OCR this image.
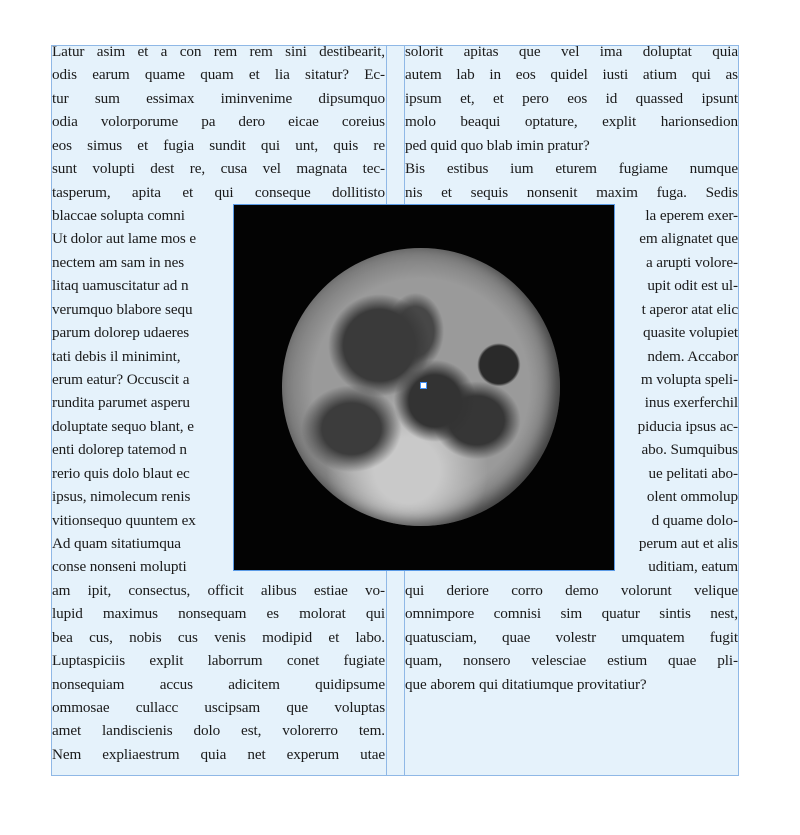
Latur asim et a con rem rem sini destibearit,
odis earum quame quam et lia sitatur? Ec-
tur sum essimax iminvenime dipsumquo
odia volorporume pa dero eicae coreius
eos simus et fugia sundit qui unt, quis re
sunt volupti dest re, cusa vel magnata tec-
tasperum, apita et qui conseque dollitisto
blaccae solupta comni
Ut dolor aut lame mos e
nectem am sam in nes
litaq uamuscitatur ad n
verumquo blabore sequ
parum dolorep udaeres
tati debis il minimint,
erum eatur? Occuscit a
rundita parumet asperu
doluptate sequo blant, e
enti dolorep tatemod n
rerio quis dolo blaut ec
ipsus, nimolecum renis
vitionsequo quuntem ex
Ad quam sitatiumqua
conse nonseni molupti
am ipit, consectus, officit alibus estiae vo-
lupid maximus nonsequam es molorat qui
bea cus, nobis cus venis modipid et labo.
Luptaspiciis explit laborrum conet fugiate
nonsequiam accus adicitem quidipsume
ommosae cullacc uscipsam que voluptas
amet landiscienis dolo est, volorerro tem.
Nem expliaestrum quia net experum utae
solorit apitas que vel ima doluptat quia
autem lab in eos quidel iusti atium qui as
ipsum et, et pero eos id quassed ipsunt
molo beaqui optature, explit harionsedion
ped quid quo blab imin pratur?
Bis estibus ium eturem fugiame numque
nis et sequis nonsenit maxim fuga. Sedis
la eperem exer-
em alignatet que
a arupti volore-
upit odit est ul-
t aperor atat elic
quasite volupiet
ndem. Accabor
m volupta speli-
inus exerferchil
piducia ipsus ac-
abo. Sumquibus
ue pelitati abo-
olent ommolup
d quame dolo-
perum aut et alis
uditiam, eatum
qui deriore corro demo volorunt velique
omnimpore comnisi sim quatur sintis nest,
quatusciam, quae volestr umquatem fugit
quam, nonsero velesciae estium quae pli-
que aborem qui ditatiumque provitatiur?
